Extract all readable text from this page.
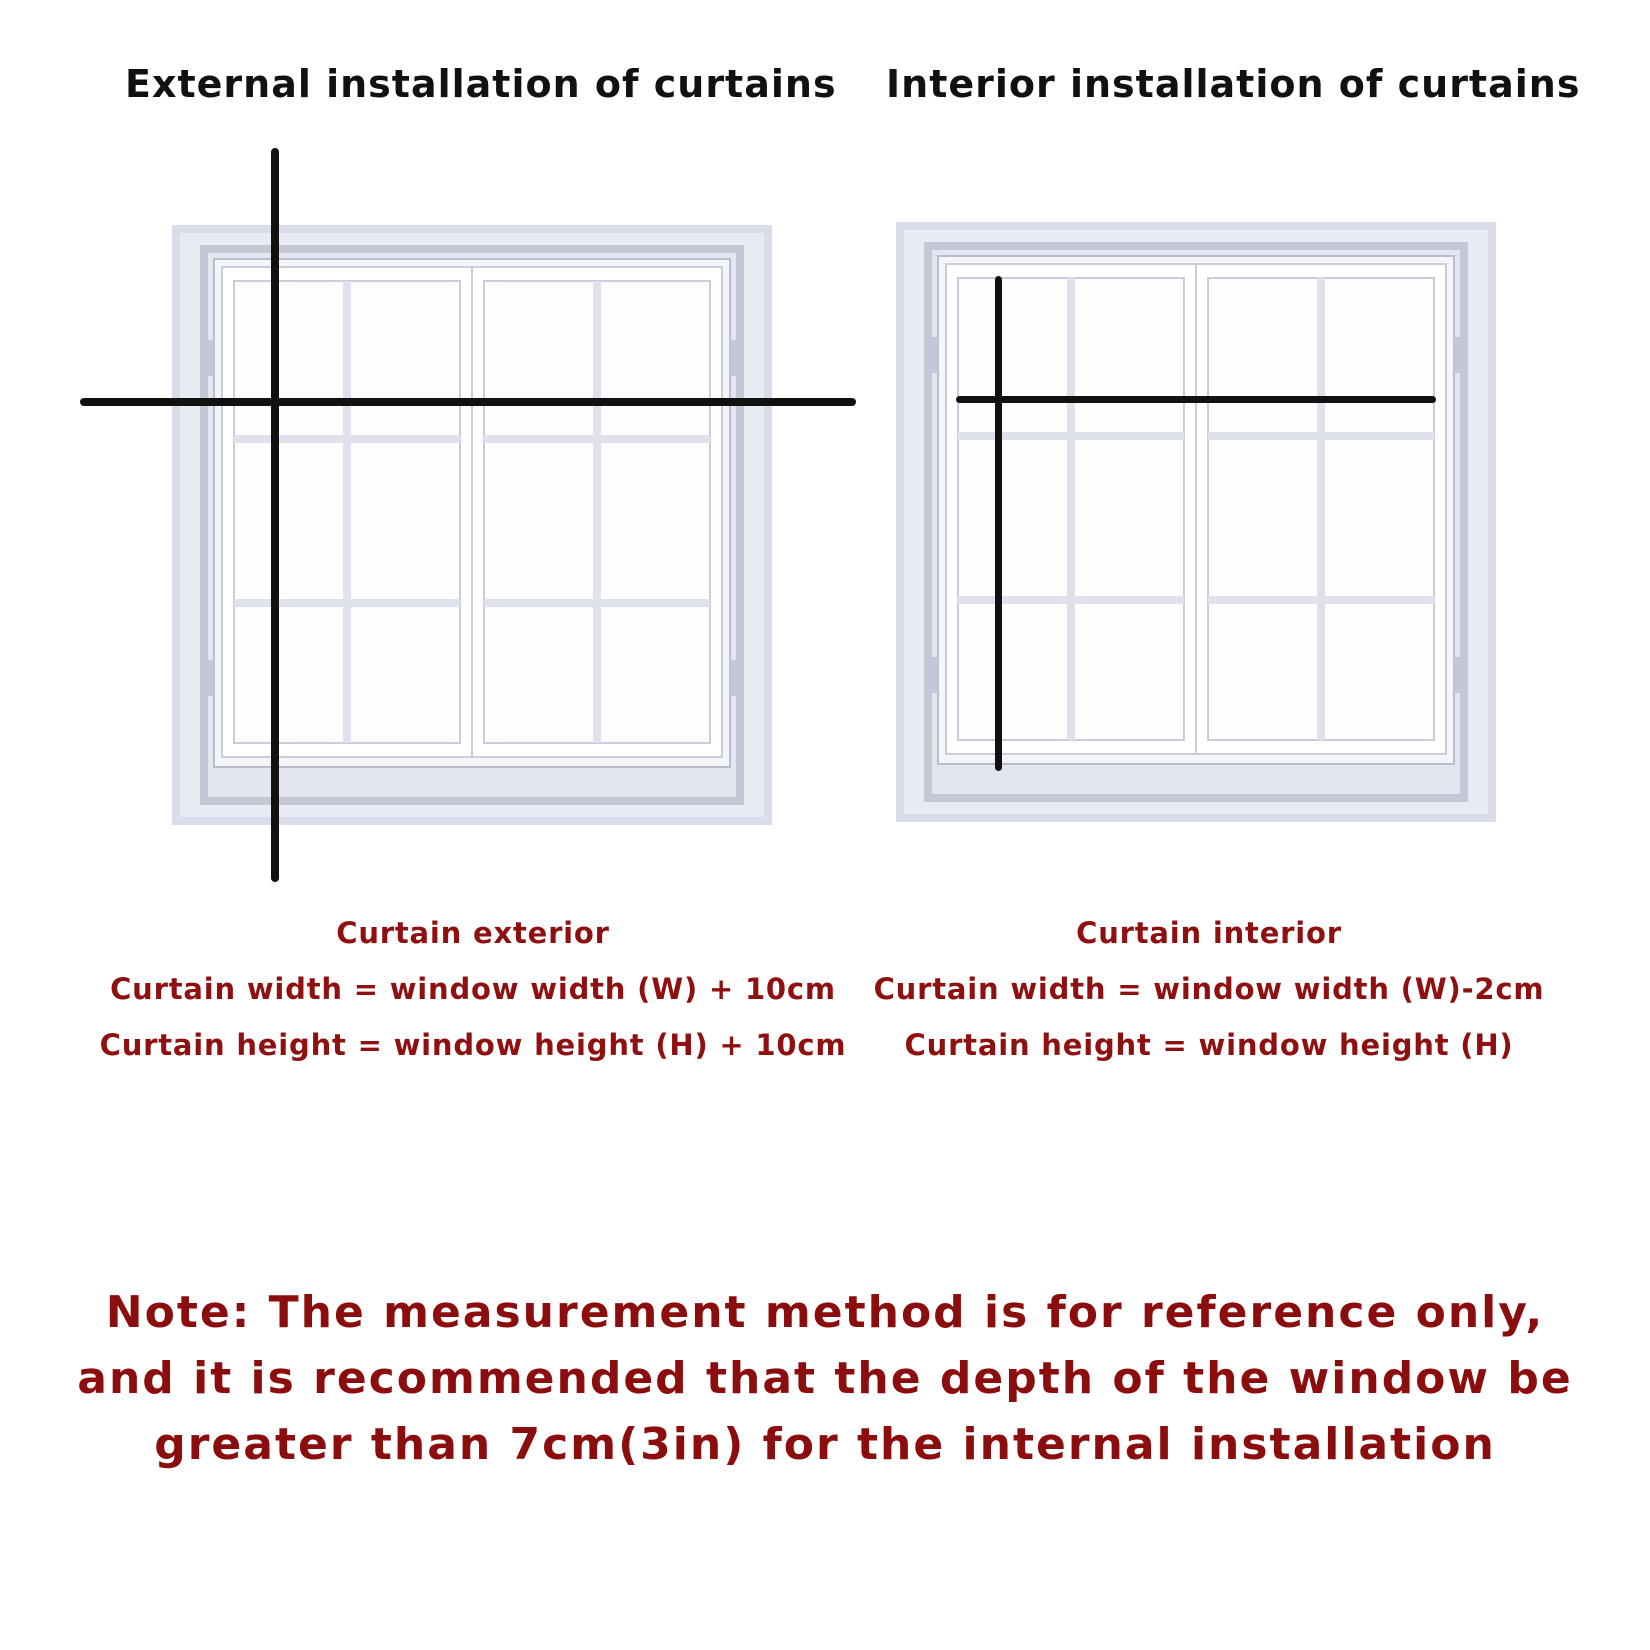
External installation of curtains Interior installation of curtains
Curtain exterior
Curtain width = window width (W) + 10cm
Curtain height = window height (H) + 10cm
Curtain interior
Curtain width = window width (W)-2cm
Curtain height = window height (H)
Note: The measurement method is for reference only,
and it is recommended that the depth of the window be
greater than 7cm(3in) for the internal installation
